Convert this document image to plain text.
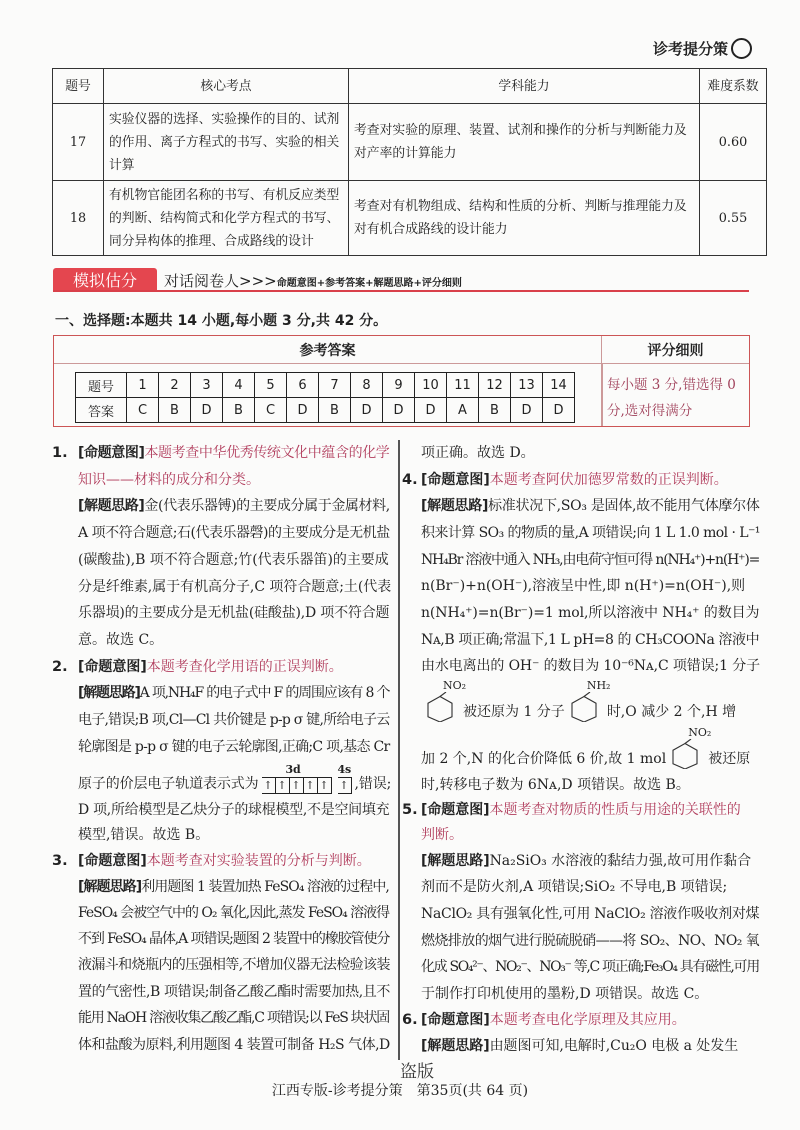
诊考提分策
题号	核心考点	学科能力	难度系数
17	实验仪器的选择、实验操作的目的、试剂的作用、离子方程式的书写、实验的相关计算	考查对实验的原理、装置、试剂和操作的分析与判断能力及对产率的计算能力	0.60
18	有机物官能团名称的书写、有机反应类型的判断、结构简式和化学方程式的书写、同分异构体的推理、合成路线的设计	考查对有机物组成、结构和性质的分析、判断与推理能力及对有机合成路线的设计能力	0.55
模拟估分	对话阅卷人>>>命题意图+参考答案+解题思路+评分细则
一、选择题:本题共 14 小题,每小题 3 分,共 42 分。
参考答案	评分细则
题号	1	2	3	4	5	6	7	8	9	10	11	12	13	14
答案	C	B	D	B	C	D	B	D	D	D	A	B	D	D
每小题 3 分,错选得 0 分,选对得满分
1. [命题意图]本题考查中华优秀传统文化中蕴含的化学
知识——材料的成分和分类。
[解题思路]金(代表乐器镈)的主要成分属于金属材料,
A 项不符合题意;石(代表乐器磬)的主要成分是无机盐
(碳酸盐),B 项不符合题意;竹(代表乐器笛)的主要成
分是纤维素,属于有机高分子,C 项符合题意;土(代表
乐器埙)的主要成分是无机盐(硅酸盐),D 项不符合题
意。故选 C。
2. [命题意图]本题考查化学用语的正误判断。
[解题思路]A 项,NH₄F 的电子式中 F 的周围应该有 8 个
电子,错误;B 项,Cl—Cl 共价键是 p-p σ 键,所给电子云
轮廓图是 p-p σ 键的电子云轮廓图,正确;C 项,基态 Cr
原子的价层电子轨道表示式为
3d
↑ ↑ ↑ ↑ ↑
4s
↑ ,错误;
D 项,所给模型是乙炔分子的球棍模型,不是空间填充
模型,错误。故选 B。
3. [命题意图]本题考查对实验装置的分析与判断。
[解题思路]利用题图 1 装置加热 FeSO₄ 溶液的过程中,
FeSO₄ 会被空气中的 O₂ 氧化,因此,蒸发 FeSO₄ 溶液得
不到 FeSO₄ 晶体,A 项错误;题图 2 装置中的橡胶管使分
液漏斗和烧瓶内的压强相等,不增加仪器无法检验该装
置的气密性,B 项错误;制备乙酸乙酯时需要加热,且不
能用 NaOH 溶液收集乙酸乙酯,C 项错误;以 FeS 块状固
体和盐酸为原料,利用题图 4 装置可制备 H₂S 气体,D
项正确。故选 D。
4. [命题意图]本题考查阿伏加德罗常数的正误判断。
[解题思路]标准状况下,SO₃ 是固体,故不能用气体摩尔体
积来计算 SO₃ 的物质的量,A 项错误;向 1 L 1.0 mol · L⁻¹
NH₄Br 溶液中通入 NH₃,由电荷守恒可得 n(NH₄⁺)+n(H⁺)=
n(Br⁻)+n(OH⁻),溶液呈中性,即 n(H⁺)=n(OH⁻),则
n(NH₄⁺)=n(Br⁻)=1 mol,所以溶液中 NH₄⁺ 的数目为
Nᴀ,B 项正确;常温下,1 L pH=8 的 CH₃COONa 溶液中
由水电离出的 OH⁻ 的数目为 10⁻⁶Nᴀ,C 项错误;1 分子
NO₂
被还原为 1 分子
NH₂
时,O 减少 2 个,H 增
加 2 个,N 的化合价降低 6 价,故 1 mol
NO₂
被还原
时,转移电子数为 6Nᴀ,D 项错误。故选 B。
5. [命题意图]本题考查对物质的性质与用途的关联性的
判断。
[解题思路]Na₂SiO₃ 水溶液的黏结力强,故可用作黏合
剂而不是防火剂,A 项错误;SiO₂ 不导电,B 项错误;
NaClO₂ 具有强氧化性,可用 NaClO₂ 溶液作吸收剂对煤
燃烧排放的烟气进行脱硫脱硝——将 SO₂、NO、NO₂ 氧
化成 SO₄²⁻、NO₂⁻、NO₃⁻ 等,C 项正确;Fe₃O₄ 具有磁性,可用
于制作打印机使用的墨粉,D 项错误。故选 C。
6. [命题意图]本题考查电化学原理及其应用。
[解题思路]由题图可知,电解时,Cu₂O 电极 a 处发生
盗版
江西专版-诊考提分策　第35页(共 64 页)
